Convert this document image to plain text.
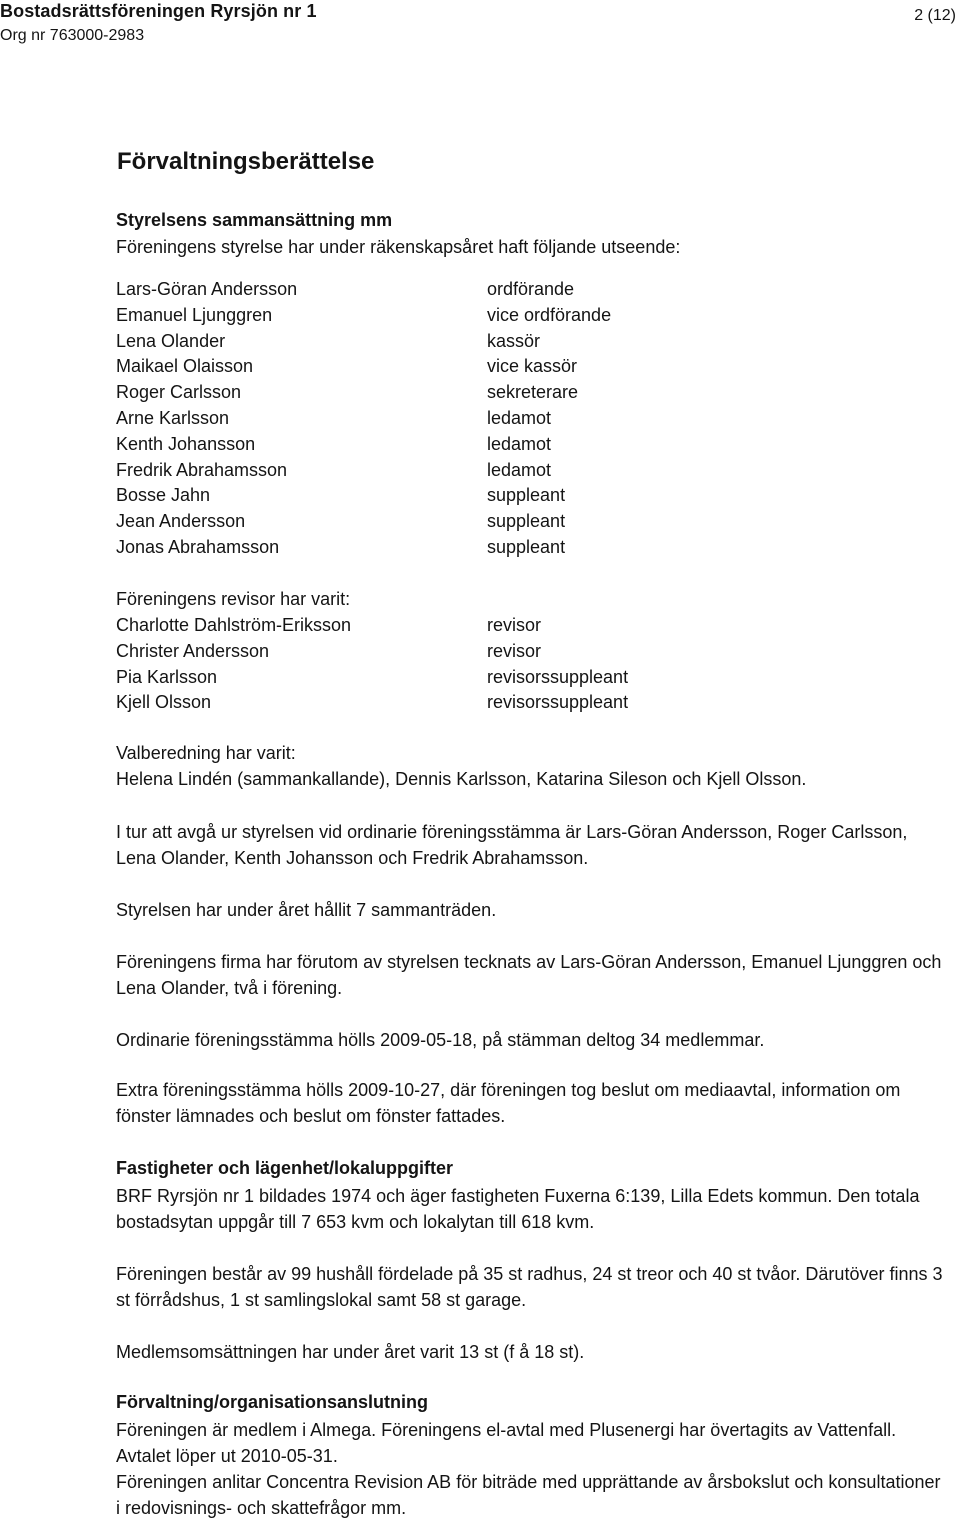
Bostadsrättsföreningen Ryrsjön nr 1
Org nr 763000-2983
2 (12)
Förvaltningsberättelse
Styrelsens sammansättning mm
Föreningens styrelse har under räkenskapsåret haft följande utseende:
Lars-Göran Andersson	ordförande
Emanuel Ljunggren	vice ordförande
Lena Olander	kassör
Maikael Olaisson	vice kassör
Roger Carlsson	sekreterare
Arne Karlsson	ledamot
Kenth Johansson	ledamot
Fredrik Abrahamsson	ledamot
Bosse Jahn	suppleant
Jean Andersson	suppleant
Jonas Abrahamsson	suppleant
Föreningens revisor har varit:
Charlotte Dahlström-Eriksson	revisor
Christer Andersson	revisor
Pia Karlsson	revisorssuppleant
Kjell Olsson	revisorssuppleant
Valberedning har varit:
Helena Lindén (sammankallande), Dennis Karlsson, Katarina Sileson och Kjell Olsson.

I tur att avgå ur styrelsen vid ordinarie föreningsstämma är Lars-Göran Andersson, Roger Carlsson, Lena Olander, Kenth Johansson och Fredrik Abrahamsson.

Styrelsen har under året hållit 7 sammanträden.

Föreningens firma har förutom av styrelsen tecknats av Lars-Göran Andersson, Emanuel Ljunggren och Lena Olander, två i förening.

Ordinarie föreningsstämma hölls 2009-05-18, på stämman deltog 34 medlemmar.

Extra föreningsstämma hölls 2009-10-27, där föreningen tog beslut om mediaavtal, information om fönster lämnades och beslut om fönster fattades.

Fastigheter och lägenhet/lokaluppgifter

BRF Ryrsjön nr 1 bildades 1974 och äger fastigheten Fuxerna 6:139, Lilla Edets kommun. Den totala bostadsytan uppgår till 7 653 kvm och lokalytan till 618 kvm.

Föreningen består av 99 hushåll fördelade på 35 st radhus, 24 st treor och 40 st tvåor. Därutöver finns 3 st förrådshus, 1 st samlingslokal samt 58 st garage.

Medlemsomsättningen har under året varit 13 st (f å 18 st).

Förvaltning/organisationsanslutning

Föreningen är medlem i Almega. Föreningens el-avtal med Plusenergi har övertagits av Vattenfall. Avtalet löper ut 2010-05-31.

Föreningen anlitar Concentra Revision AB för biträde med upprättande av årsbokslut och konsultationer i redovisnings- och skattefrågor mm.
